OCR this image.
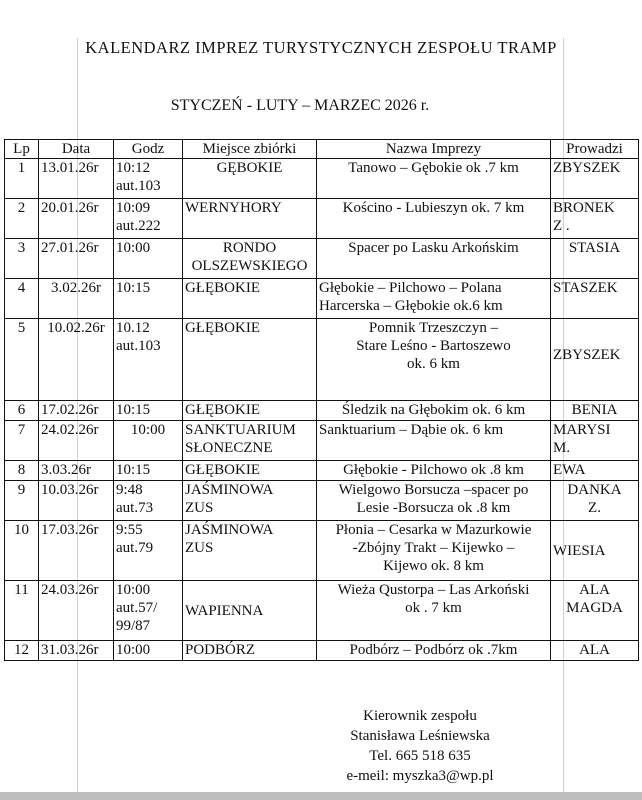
KALENDARZ IMPREZ TURYSTYCZNYCH ZESPOŁU TRAMP
STYCZEŃ - LUTY – MARZEC 2026 r.
Lp	Data	Godz	Miejsce zbiórki	Nazwa Imprezy	Prowadzi
1	13.01.26r	10:12
aut.103	GĘBOKIE	Tanowo – Gębokie ok .7 km	ZBYSZEK
2	20.01.26r	10:09
aut.222	WERNYHORY	Kościno - Lubieszyn ok. 7 km	BRONEK
Z .
3	27.01.26r	10:00	RONDO
OLSZEWSKIEGO	Spacer po Lasku Arkońskim	STASIA
4	3.02.26r	10:15	GŁĘBOKIE	Głębokie – Pilchowo – Polana
Harcerska – Głębokie ok.6 km	STASZEK
5	10.02.26r	10.12
aut.103	GŁĘBOKIE	Pomnik Trzeszczyn –
Stare Leśno - Bartoszewo
ok. 6 km	ZBYSZEK
6	17.02.26r	10:15	GŁĘBOKIE	Śledzik na Głębokim ok. 6 km	BENIA
7	24.02.26r	10:00	SANKTUARIUM
SŁONECZNE	Sanktuarium – Dąbie ok. 6 km	MARYSI
M.
8	3.03.26r	10:15	GŁĘBOKIE	Głębokie - Pilchowo ok .8 km	EWA
9	10.03.26r	9:48
aut.73	JAŚMINOWA
ZUS	Wielgowo Borsucza –spacer po
Lesie -Borsucza ok .8 km	DANKA
Z.
10	17.03.26r	9:55
aut.79	JAŚMINOWA
ZUS	Płonia – Cesarka w Mazurkowie
-Zbójny Trakt – Kijewko –
Kijewo ok. 8 km	WIESIA
11	24.03.26r	10:00
aut.57/
99/87	WAPIENNA	Wieża Qustorpa – Las Arkoński
ok . 7 km	ALA
MAGDA
12	31.03.26r	10:00	PODBÓRZ	Podbórz – Podbórz ok .7km	ALA
Kierownik zespołu
Stanisława Leśniewska
Tel. 665 518 635
e-meil: myszka3@wp.pl
